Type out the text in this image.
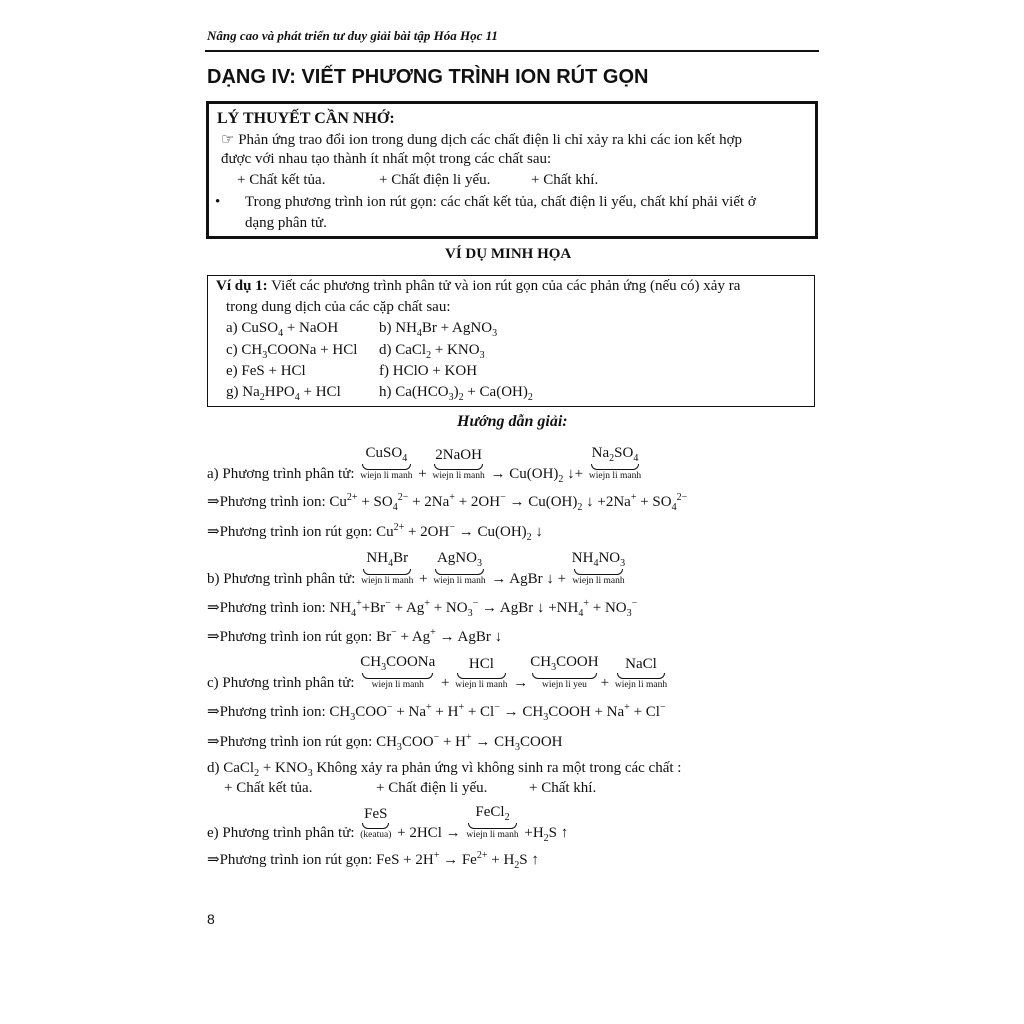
Nâng cao và phát triển tư duy giải bài tập Hóa Học 11
DẠNG IV: VIẾT PHƯƠNG TRÌNH ION RÚT GỌN
LÝ THUYẾT CẦN NHỚ:
☞ Phản ứng trao đổi ion trong dung dịch các chất điện li chỉ xảy ra khi các ion kết hợp
được với nhau tạo thành ít nhất một trong các chất sau:
+ Chất kết tủa.	+ Chất điện li yếu.	+ Chất khí.
• Trong phương trình ion rút gọn: các chất kết tủa, chất điện li yếu, chất khí phải viết ở
dạng phân tử.
VÍ DỤ MINH HỌA
Ví dụ 1: Viết các phương trình phân tử và ion rút gọn của các phản ứng (nếu có) xảy ra
trong dung dịch của các cặp chất sau:
a) CuSO$_4$ + NaOH	b) $NH_4Br$ + AgNO$_3$
c) $CH_3COONa$ + HCl d) CaCl$_2$ + $KNO_3$
e) FeS + HCl	f) HClO + KOH
g) $Na_2HPO_4$ + HCl	h) $Ca(HCO_3)_2 + Ca(OH)_2$
Hướng dẫn giải:
a) Phương trình phân tử:
CuSO$_4$
wiejn li manh +
2NaOH
wiejn li manh → $Cu(OH)_2$ ↓+
$Na_2SO_4$
wiejn li manh
⇒Phương trình ion: $Cu^{2+} + SO_4^{2-} + 2Na^+ + 2OH^- \to Cu(OH)_2$ ↓ $+2Na^+ + SO_4^{2-}$
⇒Phương trình ion rút gọn: $Cu^{2+} + 2OH^- \to Cu(OH)_2$ ↓
b) Phương trình phân tử:
$NH_4Br$
wiejn li manh +
AgNO$_3$
wiejn li manh → AgBr ↓ +
$NH_4NO_3$
wiejn li manh
⇒Phương trình ion: $NH_4^++Br^- + Ag^+ + NO_3^-$ → AgBr ↓ $+NH_4^+ + NO_3^-$
⇒Phương trình ion rút gọn: Br− + Ag+ → AgBr ↓
c) Phương trình phân tử:
$CH_3COONa$
wiejn li manh +
HCl
wiejn li manh →
$CH_3COOH$
wiejn li yeu +
NaCl
wiejn li manh
⇒Phương trình ion: $CH_3COO^- + Na^+ + H^+ + Cl^-$ → $CH_3COOH + Na^+ + Cl^-$
⇒Phương trình ion rút gọn: $CH_3COO^- + H^+$ → $CH_3COOH$
d) CaCl$_2$ + $KNO_3$ Không xảy ra phản ứng vì không sinh ra một trong các chất :
+ Chất kết tủa.	+ Chất điện li yếu.	+ Chất khí.
e) Phương trình phân tử:
FeS
(keatua) + 2HCl →
FeCl$_2$
wiejn li manh $+H_2S$ ↑
⇒Phương trình ion rút gọn: FeS + $2H^+ \to Fe^{2+} + H_2S$ ↑
8
